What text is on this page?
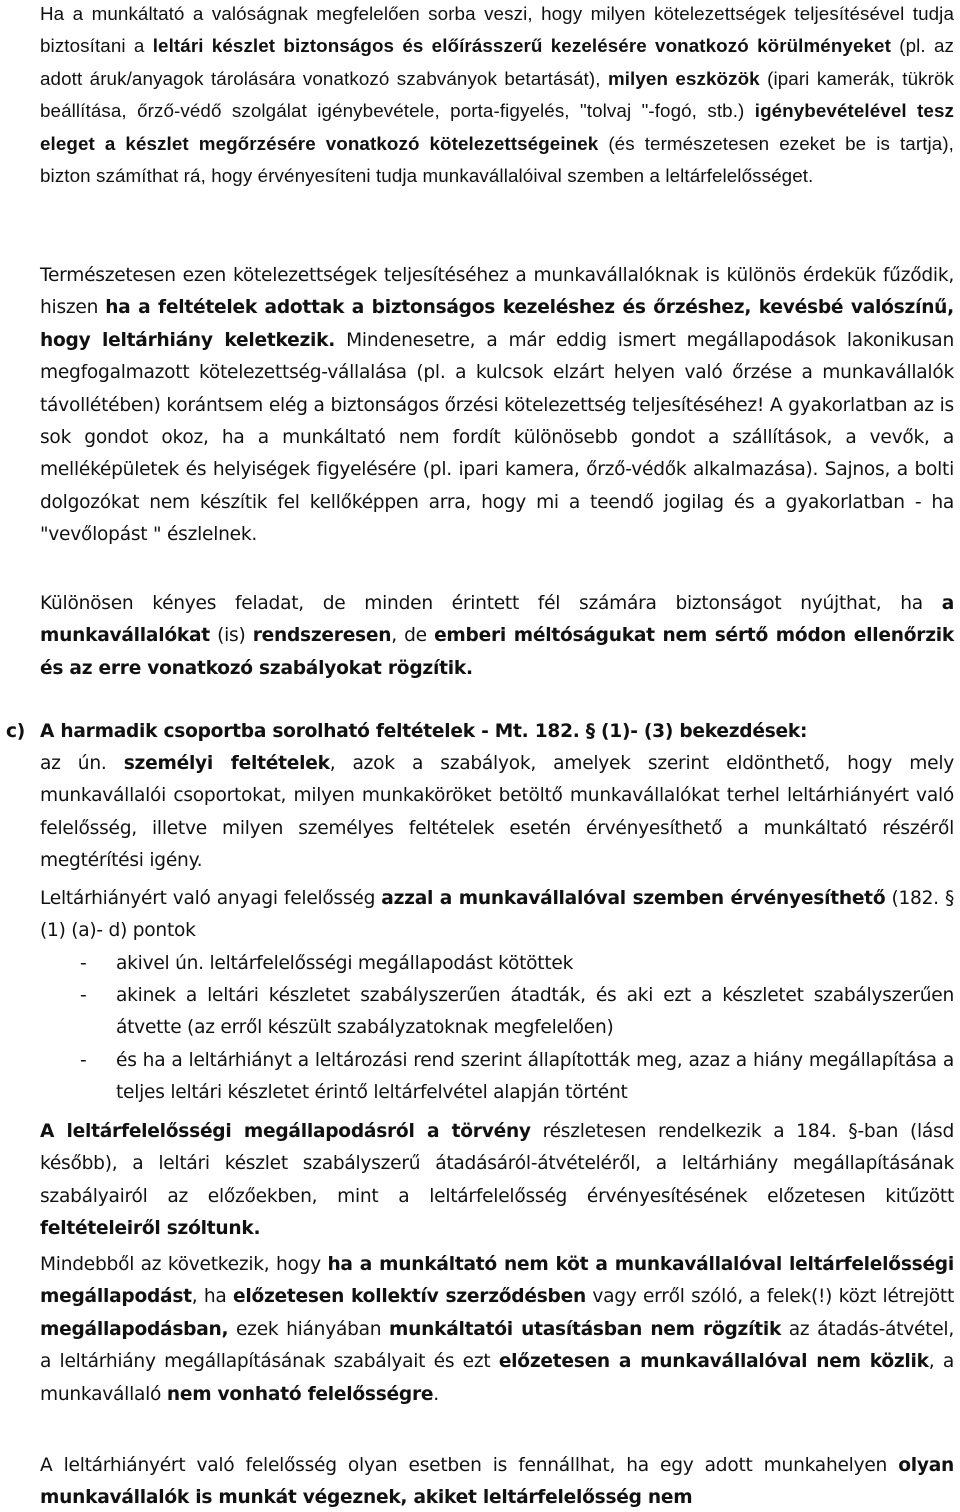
Ha a munkáltató a valóságnak megfelelően sorba veszi, hogy milyen kötelezettségek teljesítésével tudja biztosítani a leltári készlet biztonságos és előírásszerű kezelésére vonatkozó körülményeket (pl. az adott áruk/anyagok tárolására vonatkozó szabványok betartását), milyen eszközök (ipari kamerák, tükrök beállítása, őrző-védő szolgálat igénybevétele, porta-figyelés, "tolvaj "-fogó, stb.) igénybevételével tesz eleget a készlet megőrzésére vonatkozó kötelezettségeinek (és természetesen ezeket be is tartja), bizton számíthat rá, hogy érvényesíteni tudja munkavállalóival szemben a leltárfelelősséget.

Természetesen ezen kötelezettségek teljesítéséhez a munkavállalóknak is különös érdekük fűződik, hiszen ha a feltételek adottak a biztonságos kezeléshez és őrzéshez, kevésbé valószínű, hogy leltárhiány keletkezik. Mindenesetre, a már eddig ismert megállapodások lakonikusan megfogalmazott kötelezettség-vállalása (pl. a kulcsok elzárt helyen való őrzése a munkavállalók távollétében) korántsem elég a biztonságos őrzési kötelezettség teljesítéséhez! A gyakorlatban az is sok gondot okoz, ha a munkáltató nem fordít különösebb gondot a szállítások, a vevők, a melléképületek és helyiségek figyelésére (pl. ipari kamera, őrző-védők alkalmazása). Sajnos, a bolti dolgozókat nem készítik fel kellőképpen arra, hogy mi a teendő jogilag és a gyakorlatban - ha "vevőlopást " észlelnek.

Különösen kényes feladat, de minden érintett fél számára biztonságot nyújthat, ha a munkavállalókat (is) rendszeresen, de emberi méltóságukat nem sértő módon ellenőrzik és az erre vonatkozó szabályokat rögzítik.

c) A harmadik csoportba sorolható feltételek - Mt. 182. § (1)- (3) bekezdések:

az ún. személyi feltételek, azok a szabályok, amelyek szerint eldönthető, hogy mely munkavállalói csoportokat, milyen munkaköröket betöltő munkavállalókat terhel leltárhiányért való felelősség, illetve milyen személyes feltételek esetén érvényesíthető a munkáltató részéről megtérítési igény.

Leltárhiányért való anyagi felelősség azzal a munkavállalóval szemben érvényesíthető (182. § (1) (a)- d) pontok

-	akivel ún. leltárfelelősségi megállapodást kötöttek
-	akinek a leltári készletet szabályszerűen átadták, és aki ezt a készletet szabályszerűen átvette (az erről készült szabályzatoknak megfelelően)
-	és ha a leltárhiányt a leltározási rend szerint állapították meg, azaz a hiány megállapítása a teljes leltári készletet érintő leltárfelvétel alapján történt

A leltárfelelősségi megállapodásról a törvény részletesen rendelkezik a 184. §-ban (lásd később), a leltári készlet szabályszerű átadásáról-átvételéről, a leltárhiány megállapításának szabályairól az előzőekben, mint a leltárfelelősség érvényesítésének előzetesen kitűzött feltételeiről szóltunk.

Mindebből az következik, hogy ha a munkáltató nem köt a munkavállalóval leltárfelelősségi megállapodást, ha előzetesen kollektív szerződésben vagy erről szóló, a felek(!) közt létrejött megállapodásban, ezek hiányában munkáltatói utasításban nem rögzítik az átadás-átvétel, a leltárhiány megállapításának szabályait és ezt előzetesen a munkavállalóval nem közlik, a munkavállaló nem vonható felelősségre.

A leltárhiányért való felelősség olyan esetben is fennállhat, ha egy adott munkahelyen olyan munkavállalók is munkát végeznek, akiket leltárfelelősség nem
